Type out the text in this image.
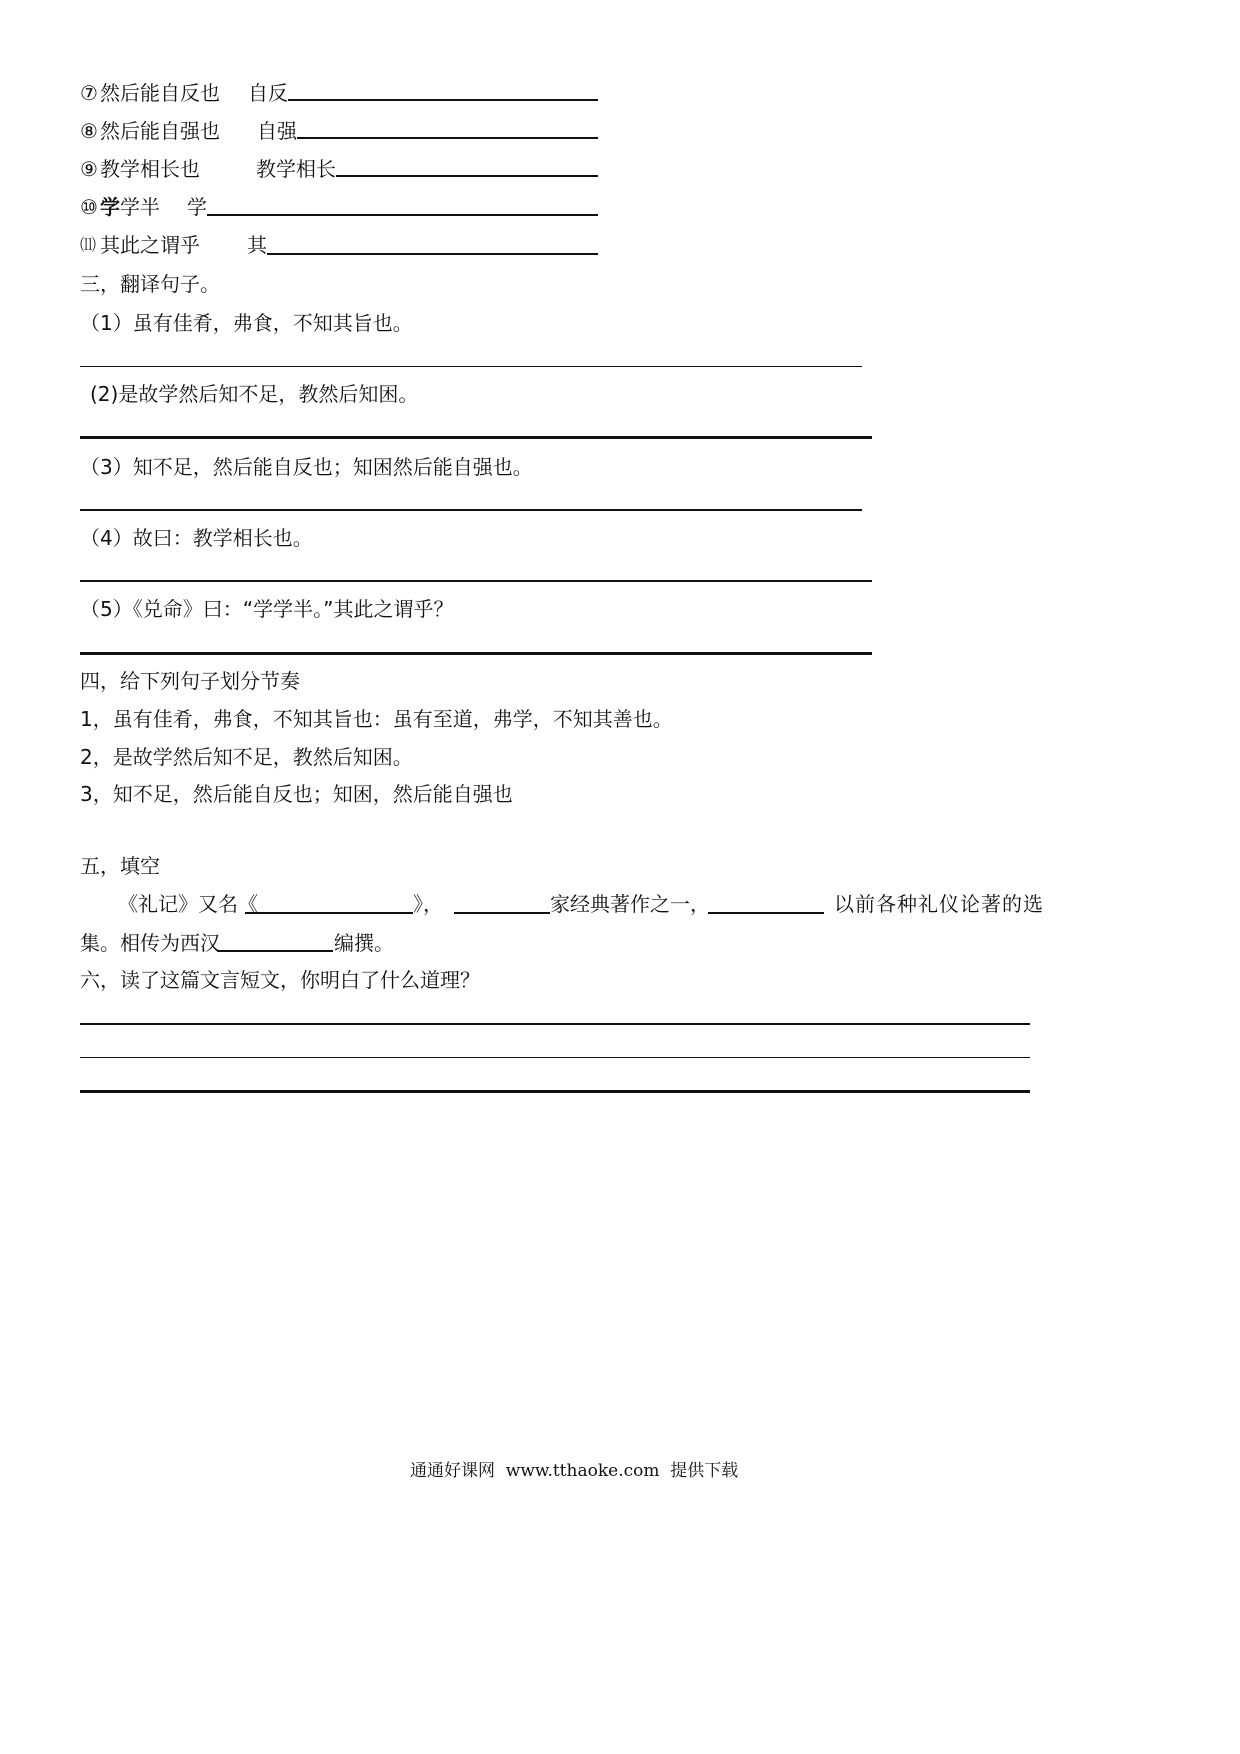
⑦ 然后能自反也 自反
⑧ 然后能自强也 自强
⑨ 教学相长也	教学相长
⑩ 学 学半 学
⑾ 其此之谓乎 其
三，翻译句子。
（1）虽有佳肴，弗食，不知其旨也。
(2)是故学然后知不足，教然后知困。
（3）知不足，然后能自反也；知困然后能自强也。
（4）故曰：教学相长也。
（5）《兑命》曰：“学学半。”其此之谓乎？
四，给下列句子划分节奏
1，虽有佳肴，弗食，不知其旨也：虽有至道，弗学，不知其善也。
2，是故学然后知不足，教然后知困。
3，知不足，然后能自反也；知困，然后能自强也
五，填空
《礼记》又名《	》，	家经典著作之一，	以前各种礼仪论著的选
集。相传为西汉	编撰。
六，读了这篇文言短文，你明白了什么道理？
通通好课网  www.tthaoke.com  提供下载
